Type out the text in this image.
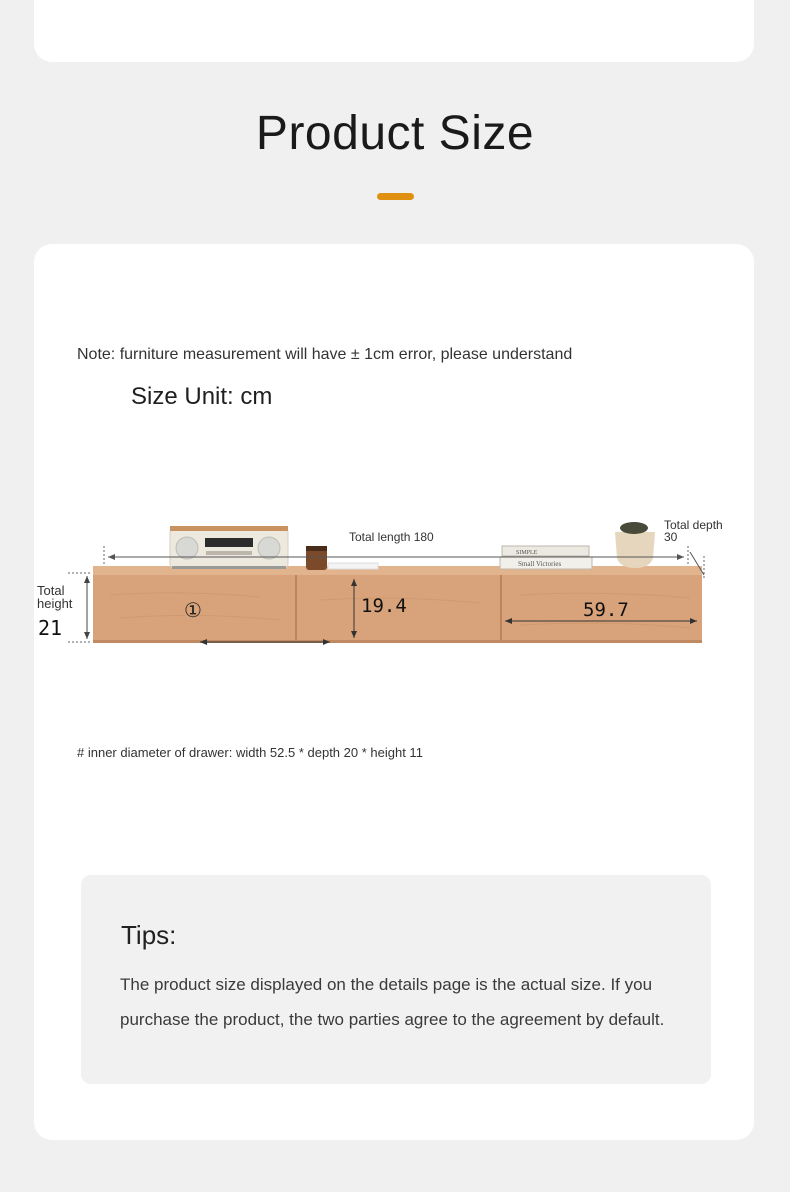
Product Size
Note: furniture measurement will have ± 1cm error, please understand
Size Unit: cm
SIMPLE
Small Victories
Total length 180
Total depth
30
Total
height
21
①	19.4	59.7
# inner diameter of drawer: width 52.5 * depth 20 * height 11
Tips:
The product size displayed on the details page is the actual size. If you
purchase the product, the two parties agree to the agreement by default.
